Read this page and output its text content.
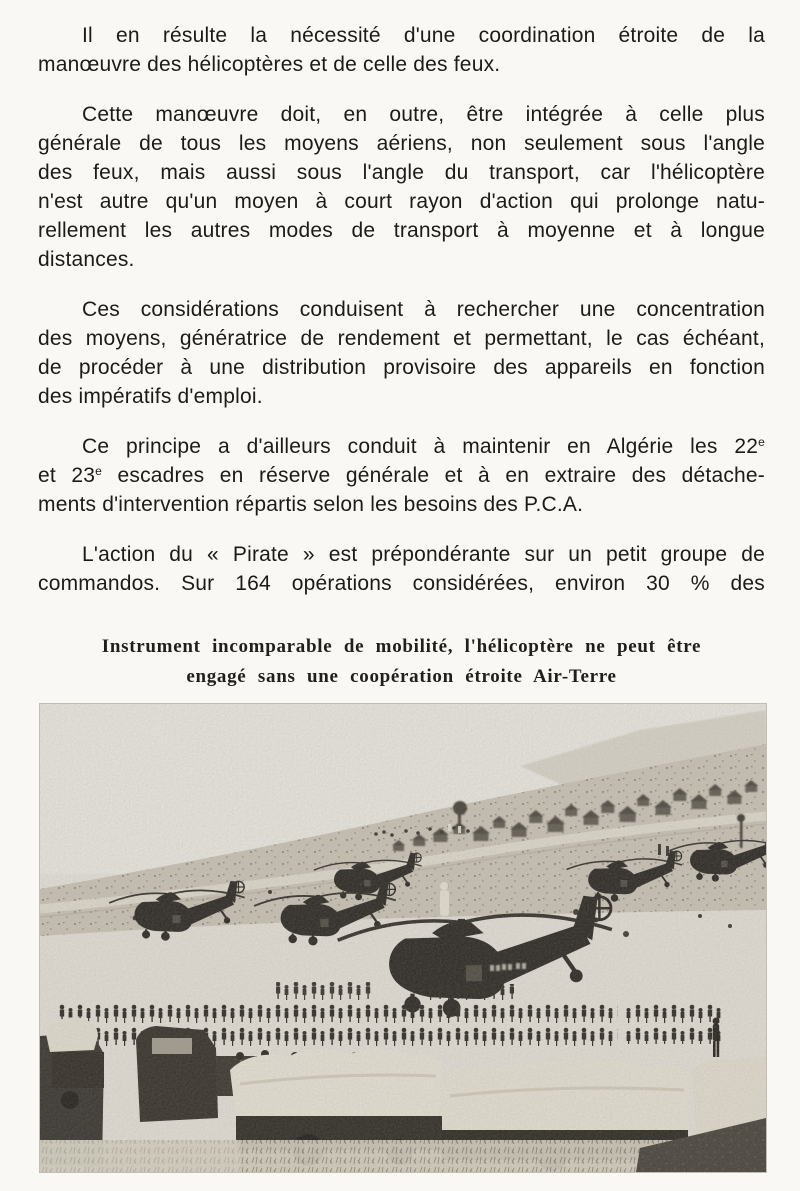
Il en résulte la nécessité d'une coordination étroite de la
manœuvre des hélicoptères et de celle des feux.

Cette manœuvre doit, en outre, être intégrée à celle plus
générale de tous les moyens aériens, non seulement sous l'angle
des feux, mais aussi sous l'angle du transport, car l'hélicoptère
n'est autre qu'un moyen à court rayon d'action qui prolonge natu-
rellement les autres modes de transport à moyenne et à longue
distances.

Ces considérations conduisent à rechercher une concentration
des moyens, génératrice de rendement et permettant, le cas échéant,
de procéder à une distribution provisoire des appareils en fonction
des impératifs d'emploi.

Ce principe a d'ailleurs conduit à maintenir en Algérie les 22e
et 23e escadres en réserve générale et à en extraire des détache-
ments d'intervention répartis selon les besoins des P.C.A.

L'action du « Pirate » est prépondérante sur un petit groupe de
commandos. Sur 164 opérations considérées, environ 30 % des

Instrument incomparable de mobilité, l'hélicoptère ne peut être
engagé sans une coopération étroite Air-Terre
